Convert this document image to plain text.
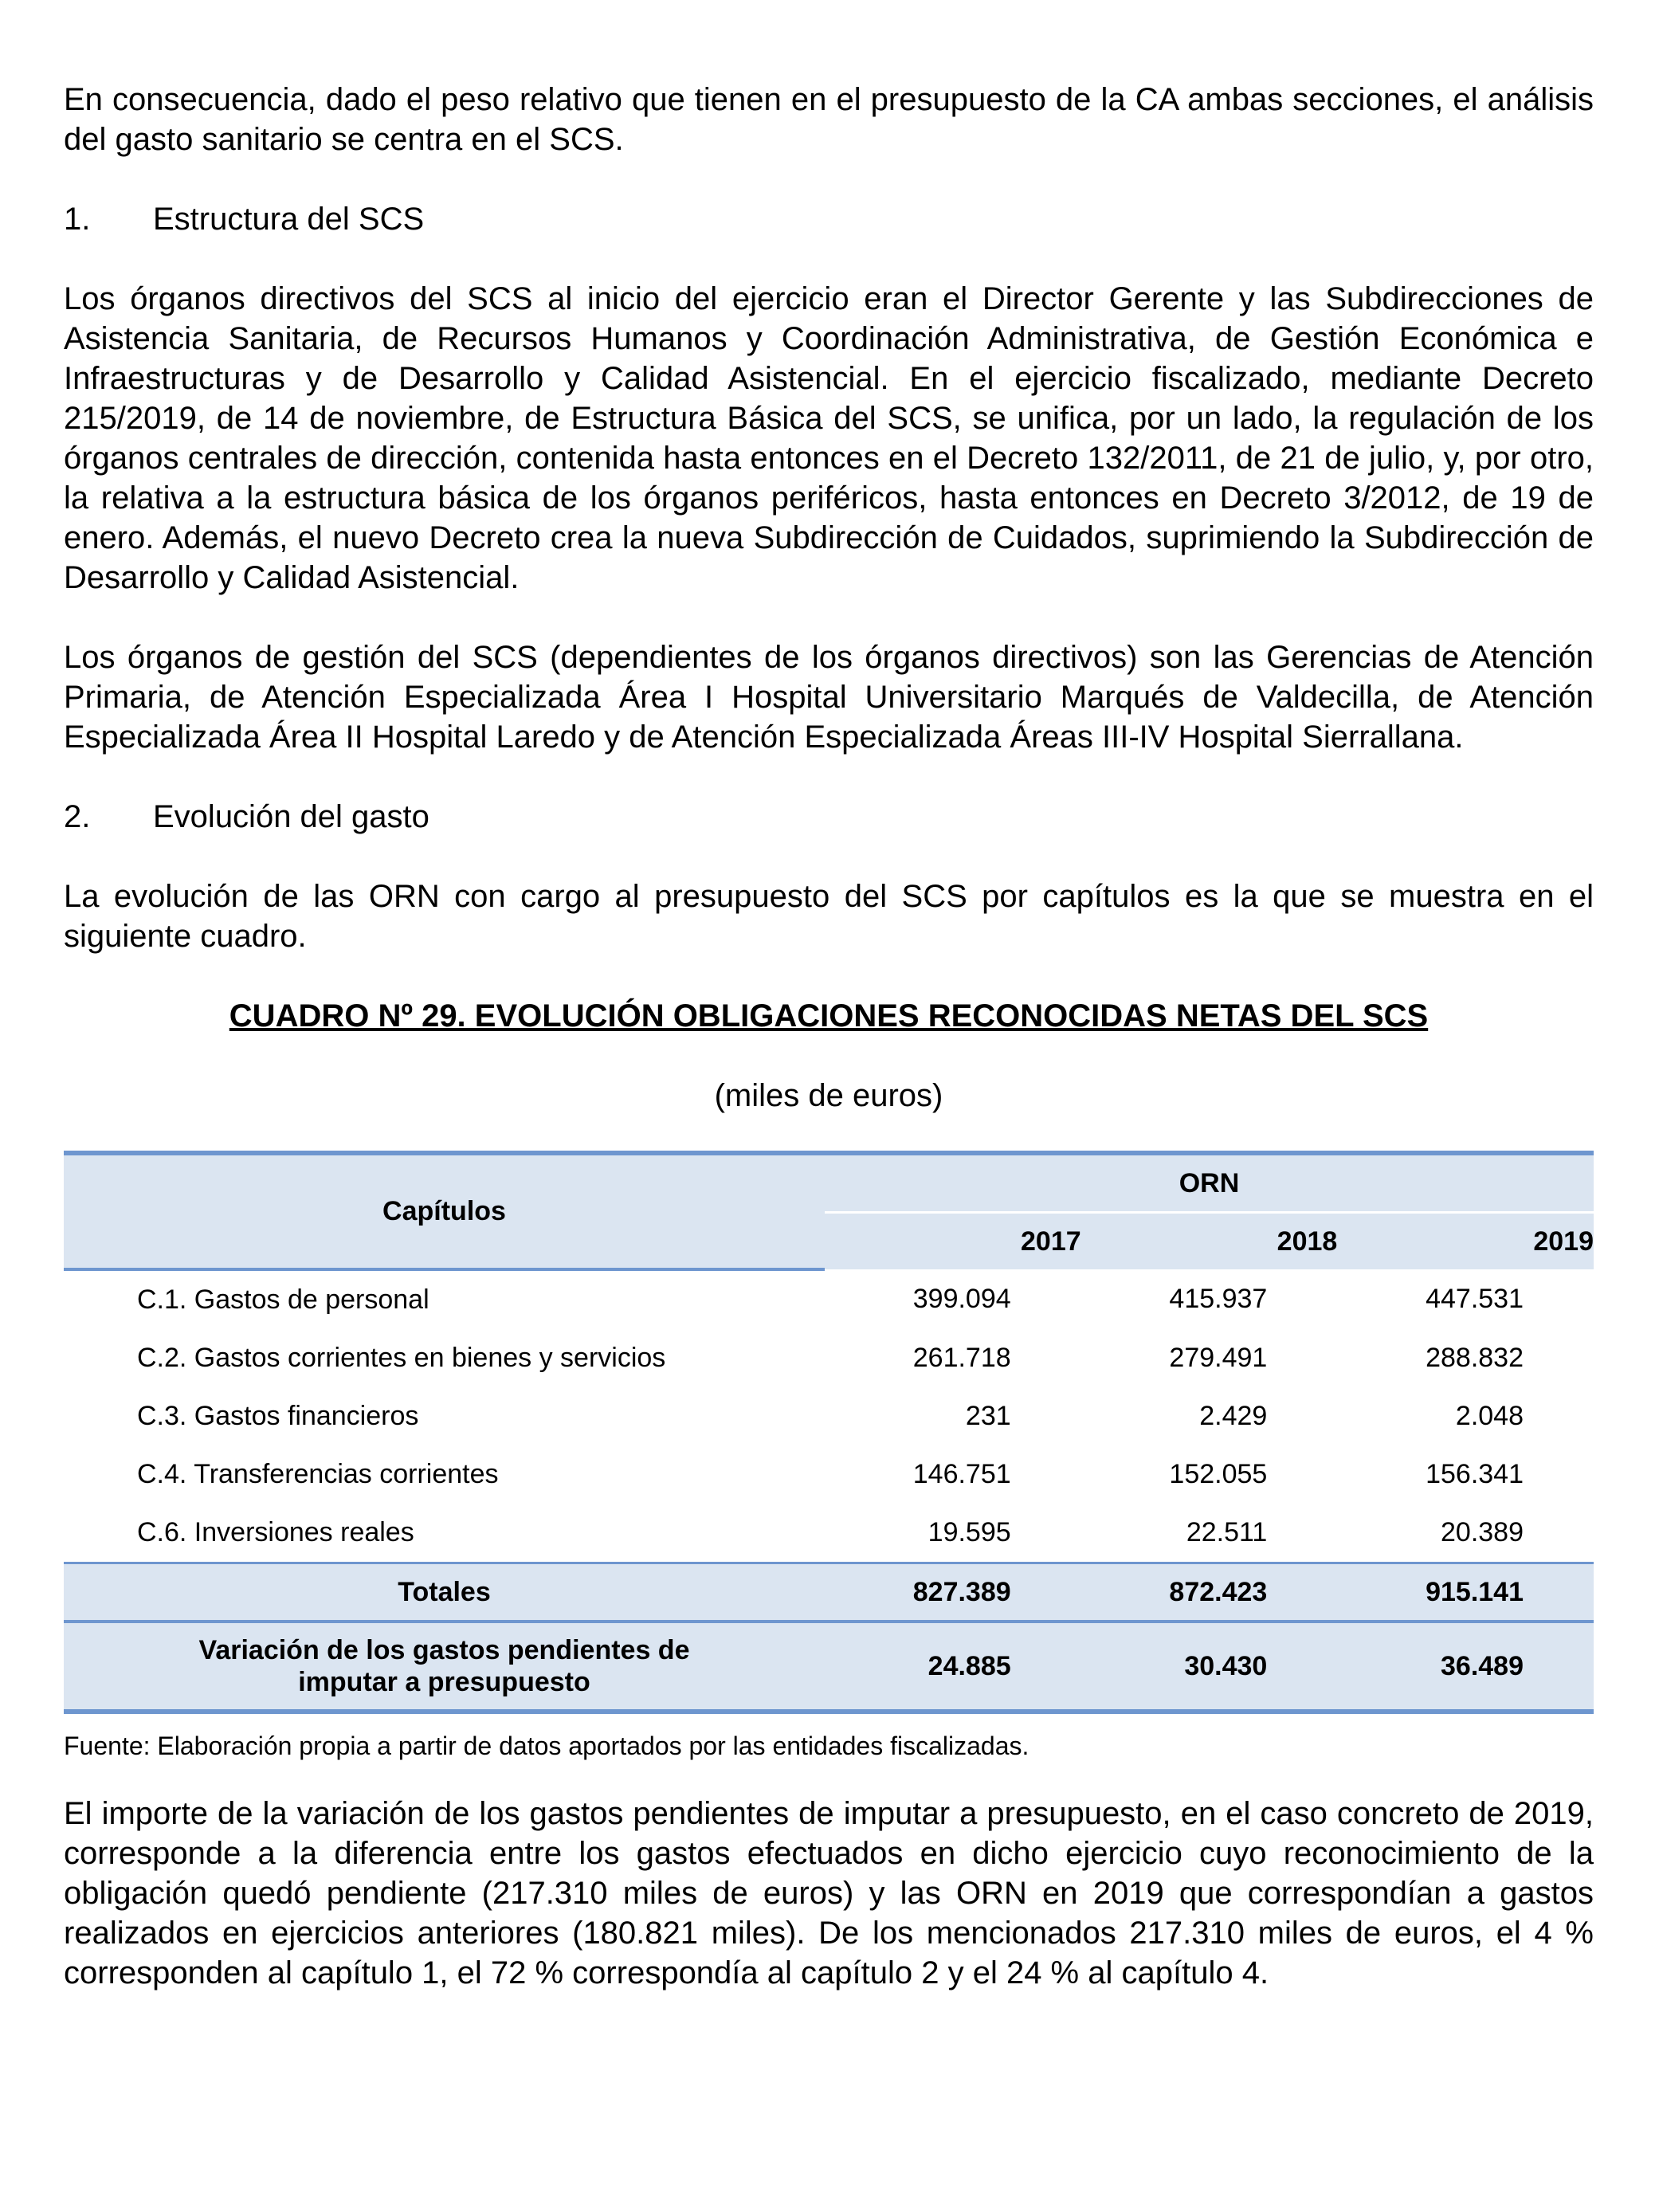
En consecuencia, dado el peso relativo que tienen en el presupuesto de la CA ambas secciones, el análisis del gasto sanitario se centra en el SCS.

1.	Estructura del SCS

Los órganos directivos del SCS al inicio del ejercicio eran el Director Gerente y las Subdirecciones de Asistencia Sanitaria, de Recursos Humanos y Coordinación Administrativa, de Gestión Económica e Infraestructuras y de Desarrollo y Calidad Asistencial. En el ejercicio fiscalizado, mediante Decreto 215/2019, de 14 de noviembre, de Estructura Básica del SCS, se unifica, por un lado, la regulación de los órganos centrales de dirección, contenida hasta entonces en el Decreto 132/2011, de 21 de julio, y, por otro, la relativa a la estructura básica de los órganos periféricos, hasta entonces en Decreto 3/2012, de 19 de enero. Además, el nuevo Decreto crea la nueva Subdirección de Cuidados, suprimiendo la Subdirección de Desarrollo y Calidad Asistencial.

Los órganos de gestión del SCS (dependientes de los órganos directivos) son las Gerencias de Atención Primaria, de Atención Especializada Área I Hospital Universitario Marqués de Valdecilla, de Atención Especializada Área II Hospital Laredo y de Atención Especializada Áreas III-IV Hospital Sierrallana.

2.	Evolución del gasto

La evolución de las ORN con cargo al presupuesto del SCS por capítulos es la que se muestra en el siguiente cuadro.

CUADRO Nº 29. EVOLUCIÓN OBLIGACIONES RECONOCIDAS NETAS DEL SCS
(miles de euros)
Capítulos	ORN		
	2017	2018	2019
C.1. Gastos de personal	399.094	415.937	447.531
C.2. Gastos corrientes en bienes y servicios	261.718	279.491	288.832
C.3. Gastos financieros	231	2.429	2.048
C.4. Transferencias corrientes	146.751	152.055	156.341
C.6. Inversiones reales	19.595	22.511	20.389
Totales	827.389	872.423	915.141
Variación de los gastos pendientes de
imputar a presupuesto	24.885	30.430	36.489
Fuente: Elaboración propia a partir de datos aportados por las entidades fiscalizadas.

El importe de la variación de los gastos pendientes de imputar a presupuesto, en el caso concreto de 2019, corresponde a la diferencia entre los gastos efectuados en dicho ejercicio cuyo reconocimiento de la obligación quedó pendiente (217.310 miles de euros) y las ORN en 2019 que correspondían a gastos realizados en ejercicios anteriores (180.821 miles). De los mencionados 217.310 miles de euros, el 4 % corresponden al capítulo 1, el 72 % correspondía al capítulo 2 y el 24 % al capítulo 4.
